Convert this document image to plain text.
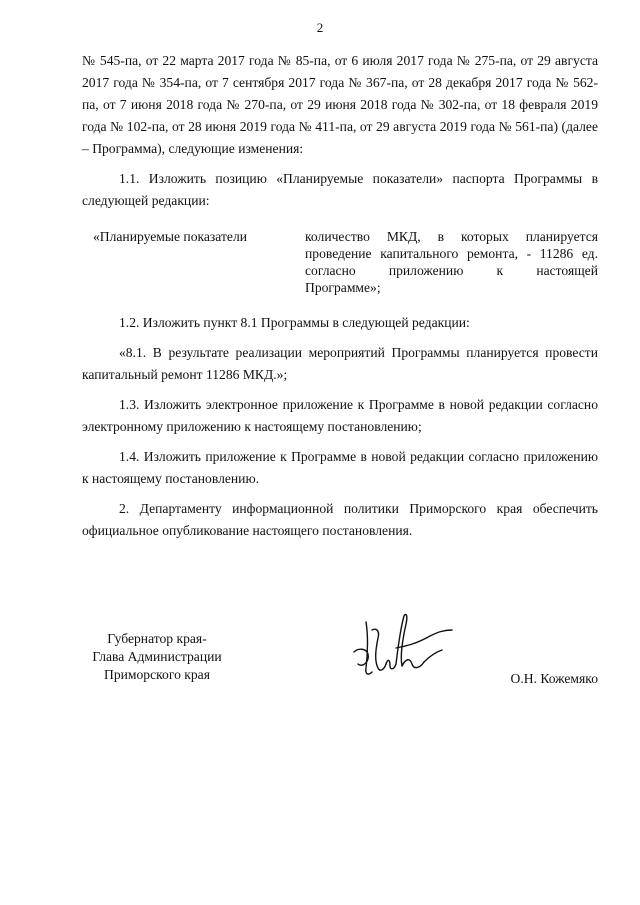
2

№ 545-па, от 22 марта 2017 года № 85-па, от 6 июля 2017 года № 275-па, от 29 августа 2017 года № 354-па, от 7 сентября 2017 года № 367-па, от 28 декабря 2017 года № 562-па, от 7 июня 2018 года № 270-па, от 29 июня 2018 года № 302-па, от 18 февраля 2019 года № 102-па, от 28 июня 2019 года № 411-па, от 29 августа 2019 года № 561-па) (далее – Программа), следующие изменения:

1.1. Изложить позицию «Планируемые показатели» паспорта Программы в следующей редакции:

«Планируемые показатели	количество МКД, в которых планируется
проведение капитального ремонта, - 11286 ед.
согласно приложению к настоящей
Программе»;

1.2. Изложить пункт 8.1 Программы в следующей редакции:

«8.1. В результате реализации мероприятий Программы планируется провести капитальный ремонт 11286 МКД.»;

1.3. Изложить электронное приложение к Программе в новой редакции согласно электронному приложению к настоящему постановлению;

1.4. Изложить приложение к Программе в новой редакции согласно приложению к настоящему постановлению.

2. Департаменту информационной политики Приморского края обеспечить официальное опубликование настоящего постановления.

Губернатор края-
Глава Администрации
Приморского края	О.Н. Кожемяко
